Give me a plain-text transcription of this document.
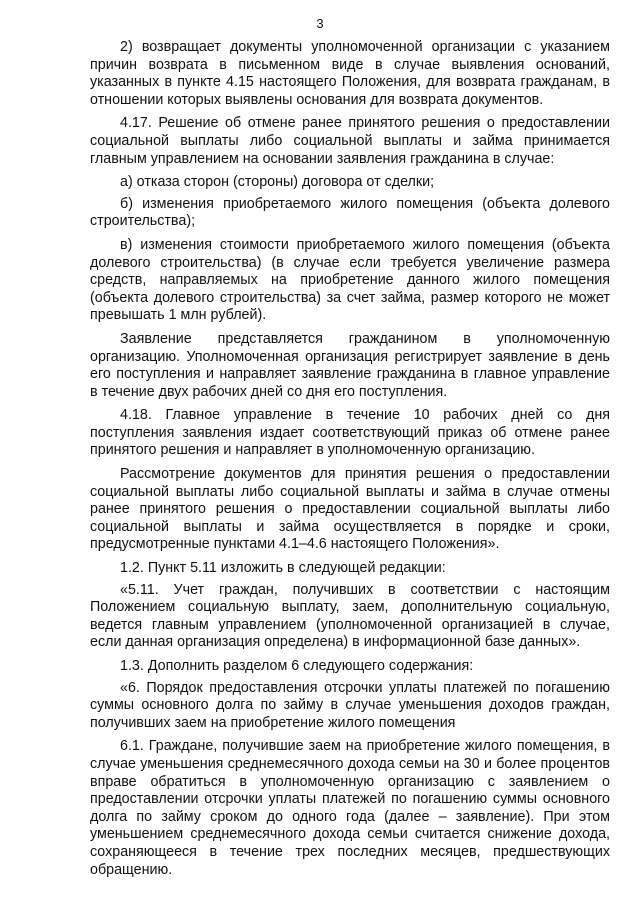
3

2) возвращает документы уполномоченной организации с указанием причин возврата в письменном виде в случае выявления оснований, указанных в пункте 4.15 настоящего Положения, для возврата гражданам, в отношении которых выявлены основания для возврата документов.

4.17. Решение об отмене ранее принятого решения о предоставлении социальной выплаты либо социальной выплаты и займа принимается главным управлением на основании заявления гражданина в случае:

а) отказа сторон (стороны) договора от сделки;

б) изменения приобретаемого жилого помещения (объекта долевого строительства);

в) изменения стоимости приобретаемого жилого помещения (объекта долевого строительства) (в случае если требуется увеличение размера средств, направляемых на приобретение данного жилого помещения (объекта долевого строительства) за счет займа, размер которого не может превышать 1 млн рублей).

Заявление представляется гражданином в уполномоченную организацию. Уполномоченная организация регистрирует заявление в день его поступления и направляет заявление гражданина в главное управление в течение двух рабочих дней со дня его поступления.

4.18. Главное управление в течение 10 рабочих дней со дня поступления заявления издает соответствующий приказ об отмене ранее принятого решения и направляет в уполномоченную организацию.

Рассмотрение документов для принятия решения о предоставлении социальной выплаты либо социальной выплаты и займа в случае отмены ранее принятого решения о предоставлении социальной выплаты либо социальной выплаты и займа осуществляется в порядке и сроки, предусмотренные пунктами 4.1–4.6 настоящего Положения».

1.2. Пункт 5.11 изложить в следующей редакции:

«5.11. Учет граждан, получивших в соответствии с настоящим Положением социальную выплату, заем, дополнительную социальную, ведется главным управлением (уполномоченной организацией в случае, если данная организация определена) в информационной базе данных».

1.3. Дополнить разделом 6 следующего содержания:

«6. Порядок предоставления отсрочки уплаты платежей по погашению суммы основного долга по займу в случае уменьшения доходов граждан, получивших заем на приобретение жилого помещения

6.1. Граждане, получившие заем на приобретение жилого помещения, в случае уменьшения среднемесячного дохода семьи на 30 и более процентов вправе обратиться в уполномоченную организацию с заявлением о предоставлении отсрочки уплаты платежей по погашению суммы основного долга по займу сроком до одного года (далее – заявление). При этом уменьшением среднемесячного дохода семьи считается снижение дохода, сохраняющееся в течение трех последних месяцев, предшествующих обращению.
